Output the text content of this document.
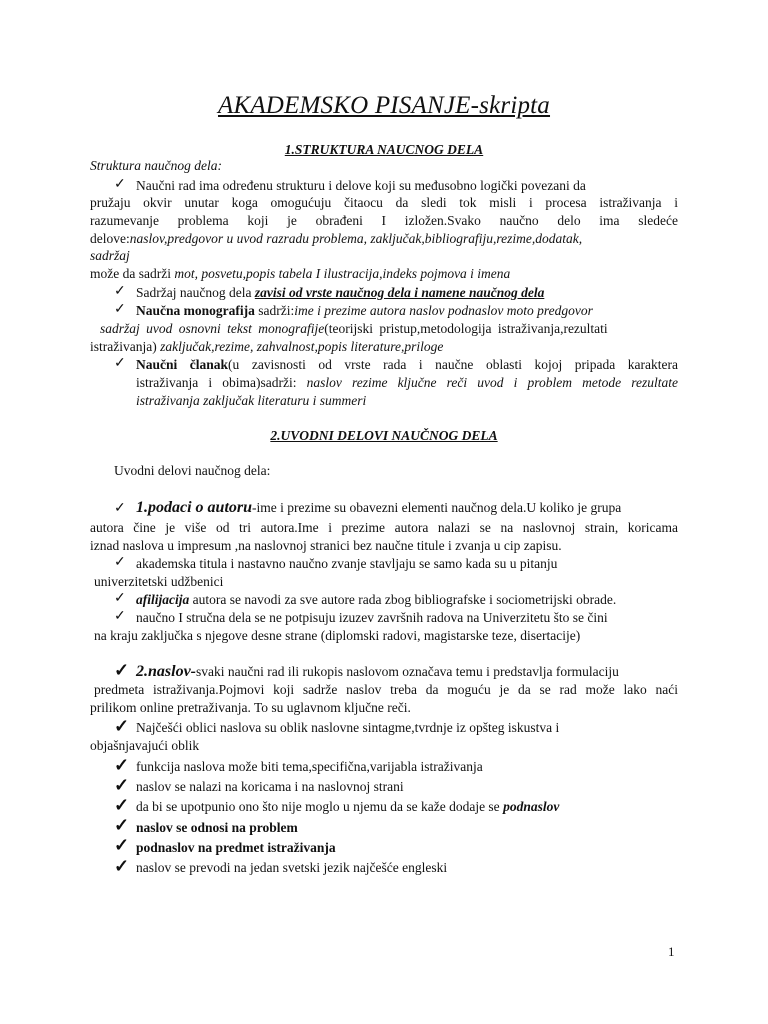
AKADEMSKO PISANJE-skripta
1.STRUKTURA NAUCNOG DELA
Struktura naučnog dela:
✓ Naučni rad ima određenu strukturu i delove koji su međusobno logički povezani da
pružaju okvir unutar koga omogućuju čitaocu da sledi tok misli i procesa istraživanja i
razumevanje problema koji je obrađeni I izložen.Svako naučno delo ima sledeće
delove:naslov,predgovor u uvod razradu problema, zaključak,bibliografiju,rezime,dodatak,
sadržaj
može da sadrži mot, posvetu,popis tabela I ilustracija,indeks pojmova i imena
✓ Sadržaj naučnog dela zavisi od vrste naučnog dela i namene naučnog dela
✓ Naučna monografija sadrži:ime i prezime autora naslov podnaslov moto predgovor
sadržaj uvod osnovni tekst monografije(teorijski pristup,metodologija istraživanja,rezultati
istraživanja) zaključak,rezime, zahvalnost,popis literature,priloge
✓ Naučni članak(u zavisnosti od vrste rada i naučne oblasti kojoj pripada karaktera
istraživanja i obima)sadrži: naslov rezime ključne reči uvod i problem metode rezultate
istraživanja zaključak literaturu i summeri
2.UVODNI DELOVI NAUČNOG DELA
Uvodni delovi naučnog dela:
✓ 1.podaci o autoru-ime i prezime su obavezni elementi naučnog dela.U koliko je grupa
autora čine je više od tri autora.Ime i prezime autora nalazi se na naslovnoj strain, koricama
iznad naslova u impresum ,na naslovnoj stranici bez naučne titule i zvanja u cip zapisu.
✓ akademska titula i nastavno naučno zvanje stavljaju se samo kada su u pitanju
univerzitetski udžbenici
✓ afilijacija autora se navodi za sve autore rada zbog bibliografske i sociometrijski obrade.
✓ naučno I stručna dela se ne potpisuju izuzev završnih radova na Univerzitetu što se čini
na kraju zaključka s njegove desne strane (diplomski radovi, magistarske teze, disertacije)
✓ 2.naslov-svaki naučni rad ili rukopis naslovom označava temu i predstavlja formulaciju
predmeta istraživanja.Pojmovi koji sadrže naslov treba da moguću je da se rad može lako naći
prilikom online pretraživanja. To su uglavnom ključne reči.
✓ Najčešći oblici naslova su oblik naslovne sintagme,tvrdnje iz opšteg iskustva i
objašnjavajući oblik
✓ funkcija naslova može biti tema,specifična,varijabla istraživanja
✓ naslov se nalazi na koricama i na naslovnoj strani
✓ da bi se upotpunio ono što nije moglo u njemu da se kaže dodaje se podnaslov
✓ naslov se odnosi na problem
✓ podnaslov na predmet istraživanja
✓ naslov se prevodi na jedan svetski jezik najčešće engleski
1
